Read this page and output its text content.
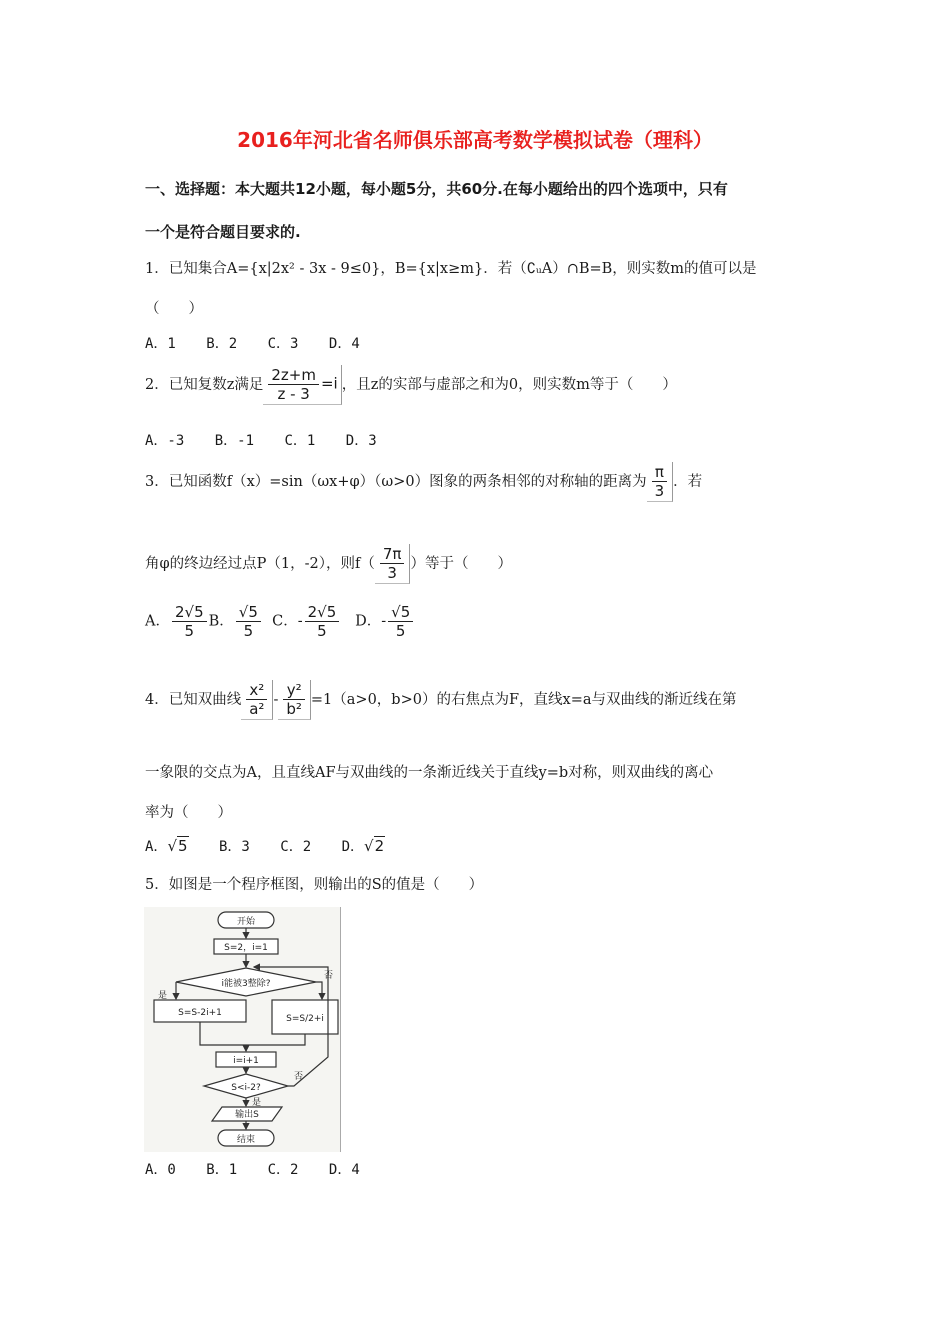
2016年河北省名师俱乐部高考数学模拟试卷（理科）
一、选择题：本大题共12小题，每小题5分，共60分.在每小题给出的四个选项中，只有
一个是符合题目要求的.
1．已知集合A={x|2x² - 3x - 9≤0}，B={x|x≥m}．若（∁ᵤA）∩B=B，则实数m的值可以是
（　　）
A．1 B．2 C．3 D．4
2．已知复数z满足 $\frac{2z+m}{z - 3} =i$ ，且z的实部与虚部之和为0，则实数m等于（　　）
A．-3 B．-1 C．1 D．3
3．已知函数f（x）=sin（ωx+φ）（ω>0）图象的两条相邻的对称轴的距离为 $\frac{\pi}{3}$ ．若
角φ的终边经过点P（1，-2），则$f( \frac{7\pi}{3}$ ）等于（　　）
A． $\frac{2√5}{5}$ B． $\frac{√5}{5}$ C．- $\frac{2√5}{5}$ D．- $\frac{√5}{5}$
4．已知双曲线 $\frac{\text{x²}}{\text{a²}} - \frac{\text{y²}}{\text{b²}} =1(a>0$，b>0）的右焦点为F，直线x=a与双曲线的渐近线在第
一象限的交点为A，且直线AF与双曲线的一条渐近线关于直线y=b对称，则双曲线的离心
率为（　　）
A．√5 B．3 C．2 D．√2
5．如图是一个程序框图，则输出的S的值是（　　）
开始
S=2，i=1
i能被3整除?
是
否
S=S-2i+1
S=S/2+i
i=i+1
S<i-2?
否
是
输出S
结束
A．0 B．1 C．2 D．4
